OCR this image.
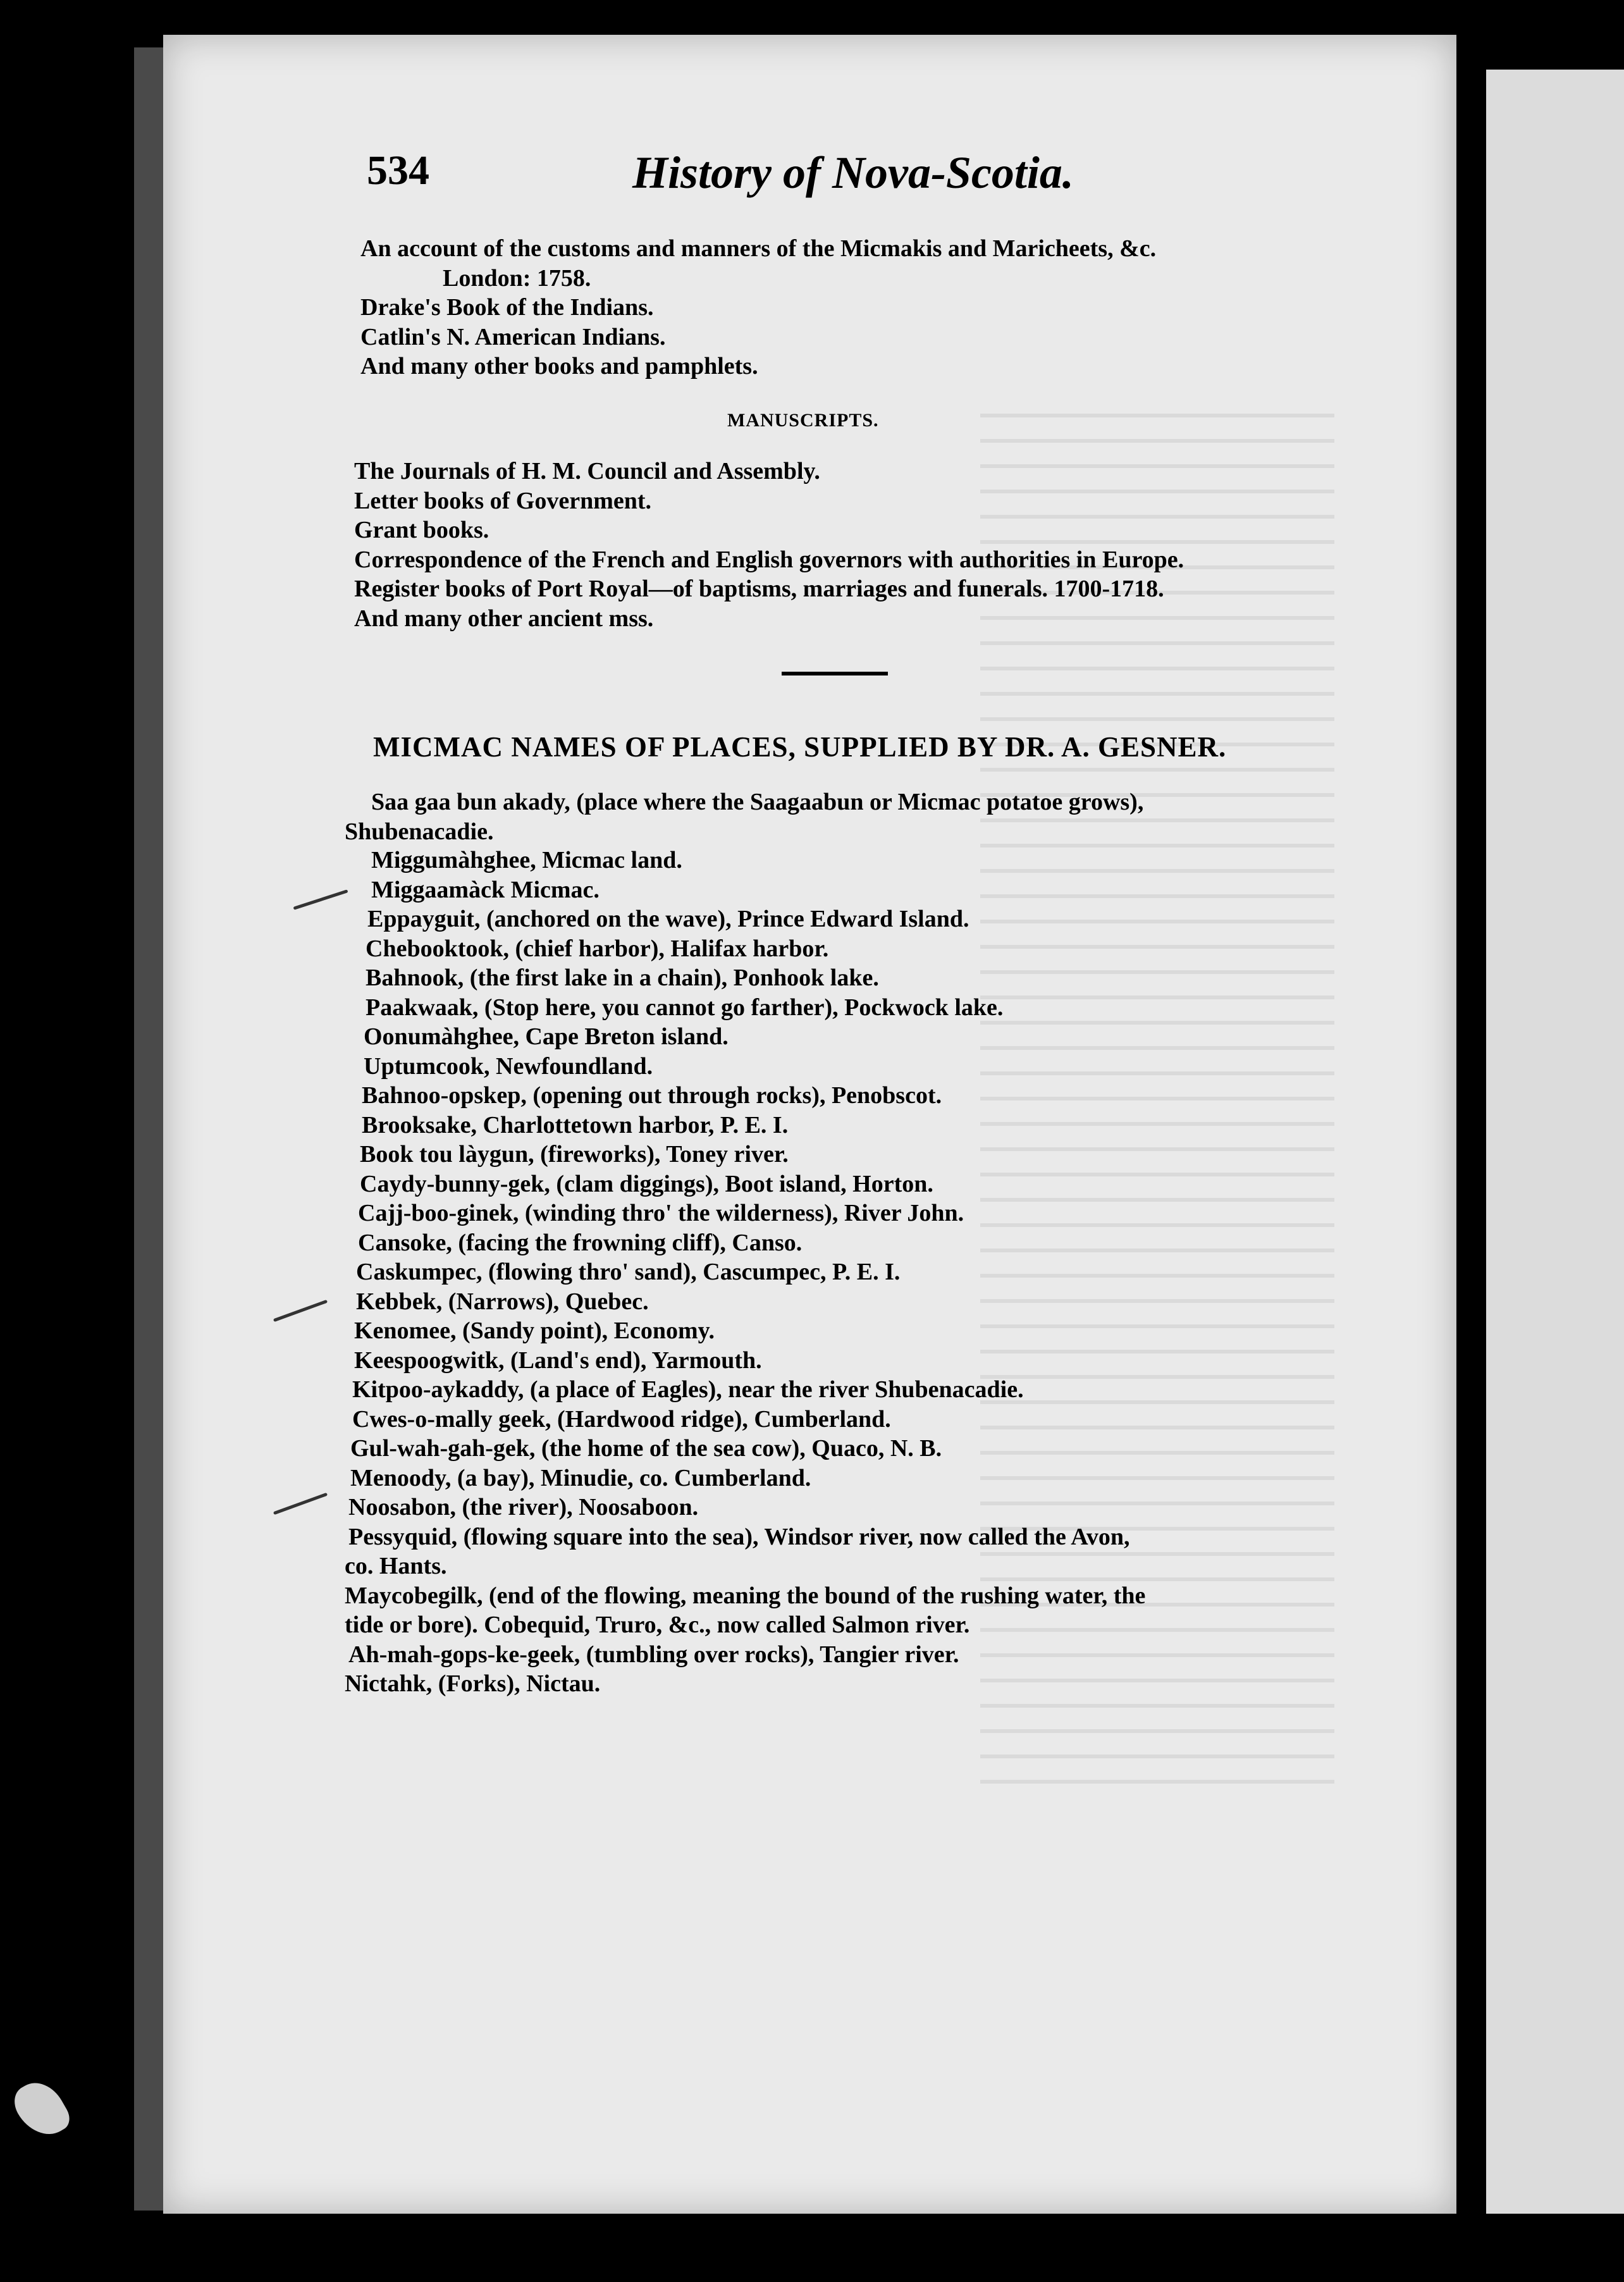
534	History of Nova-Scotia.
An account of the customs and manners of the Micmakis and Maricheets, &c.
London: 1758.
Drake's Book of the Indians.
Catlin's N. American Indians.
And many other books and pamphlets.
MANUSCRIPTS.
The Journals of H. M. Council and Assembly.
Letter books of Government.
Grant books.
Correspondence of the French and English governors with authorities in Europe.
Register books of Port Royal—of baptisms, marriages and funerals. 1700-1718.
And many other ancient mss.
MICMAC NAMES OF PLACES, SUPPLIED BY DR. A. GESNER.
Saa gaa bun akady, (place where the Saagaabun or Micmac potatoe grows),
Shubenacadie.
Miggumàhghee, Micmac land.
Miggaamàck Micmac.
Eppayguit, (anchored on the wave), Prince Edward Island.
Chebooktook, (chief harbor), Halifax harbor.
Bahnook, (the first lake in a chain), Ponhook lake.
Paakwaak, (Stop here, you cannot go farther), Pockwock lake.
Oonumàhghee, Cape Breton island.
Uptumcook, Newfoundland.
Bahnoo-opskep, (opening out through rocks), Penobscot.
Brooksake, Charlottetown harbor, P. E. I.
Book tou làygun, (fireworks), Toney river.
Caydy-bunny-gek, (clam diggings), Boot island, Horton.
Cajj-boo-ginek, (winding thro' the wilderness), River John.
Cansoke, (facing the frowning cliff), Canso.
Caskumpec, (flowing thro' sand), Cascumpec, P. E. I.
Kebbek, (Narrows), Quebec.
Kenomee, (Sandy point), Economy.
Keespoogwitk, (Land's end), Yarmouth.
Kitpoo-aykaddy, (a place of Eagles), near the river Shubenacadie.
Cwes-o-mally geek, (Hardwood ridge), Cumberland.
Gul-wah-gah-gek, (the home of the sea cow), Quaco, N. B.
Menoody, (a bay), Minudie, co. Cumberland.
Noosabon, (the river), Noosaboon.
Pessyquid, (flowing square into the sea), Windsor river, now called the Avon,
co. Hants.
Maycobegilk, (end of the flowing, meaning the bound of the rushing water, the
tide or bore). Cobequid, Truro, &c., now called Salmon river.
Ah-mah-gops-ke-geek, (tumbling over rocks), Tangier river.
Nictahk, (Forks), Nictau.
